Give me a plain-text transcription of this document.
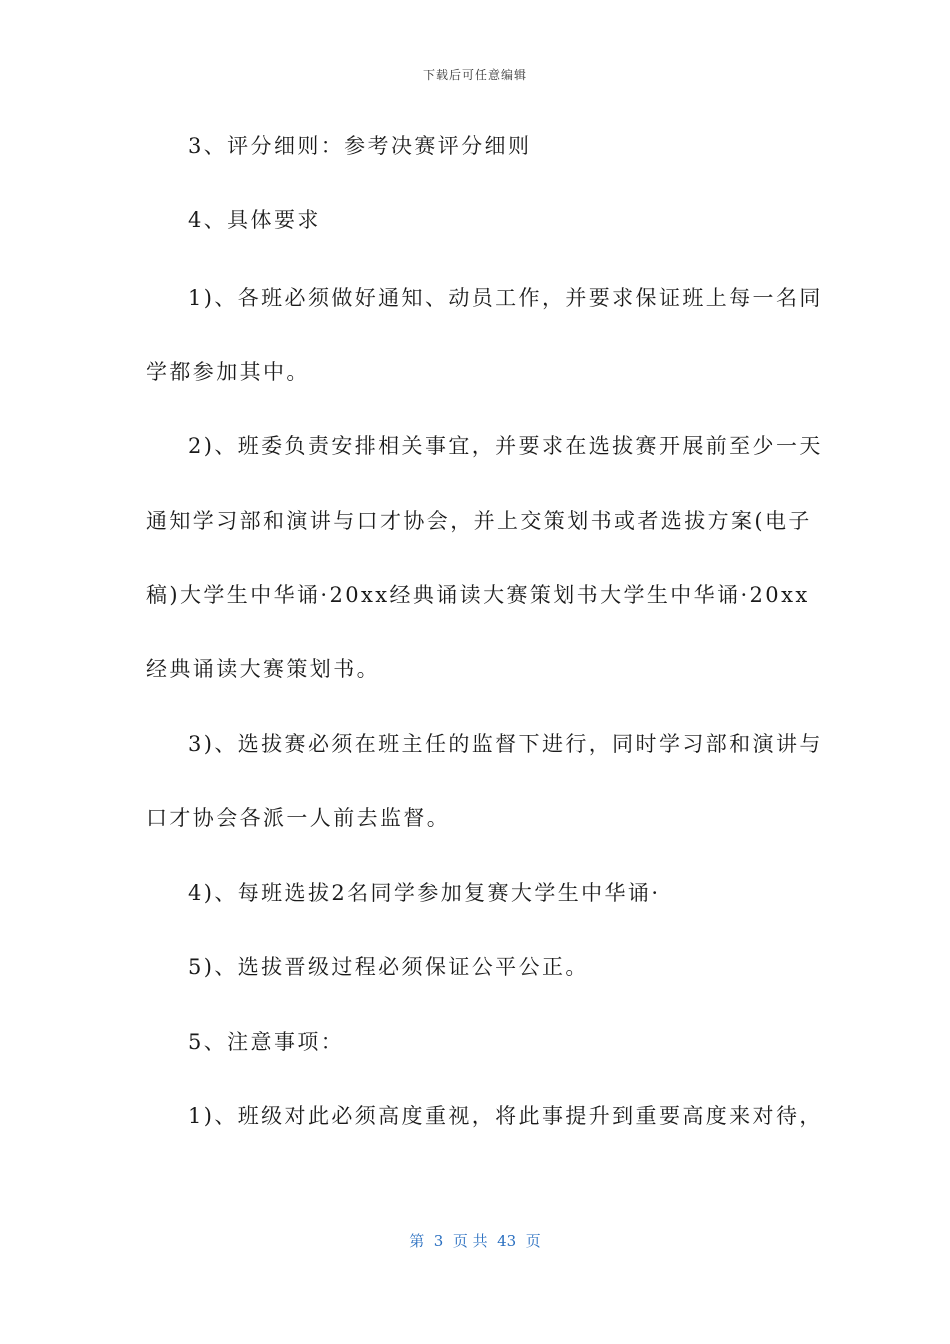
下载后可任意编辑
3、评分细则：参考决赛评分细则
4、具体要求
1)、各班必须做好通知、动员工作，并要求保证班上每一名同
学都参加其中。
2)、班委负责安排相关事宜，并要求在选拔赛开展前至少一天
通知学习部和演讲与口才协会，并上交策划书或者选拔方案(电子
稿)大学生中华诵·20xx经典诵读大赛策划书大学生中华诵·20xx
经典诵读大赛策划书。
3)、选拔赛必须在班主任的监督下进行，同时学习部和演讲与
口才协会各派一人前去监督。
4)、每班选拔2名同学参加复赛大学生中华诵·
5)、选拔晋级过程必须保证公平公正。
5、注意事项：
1)、班级对此必须高度重视，将此事提升到重要高度来对待，
第  3  页 共  43  页
